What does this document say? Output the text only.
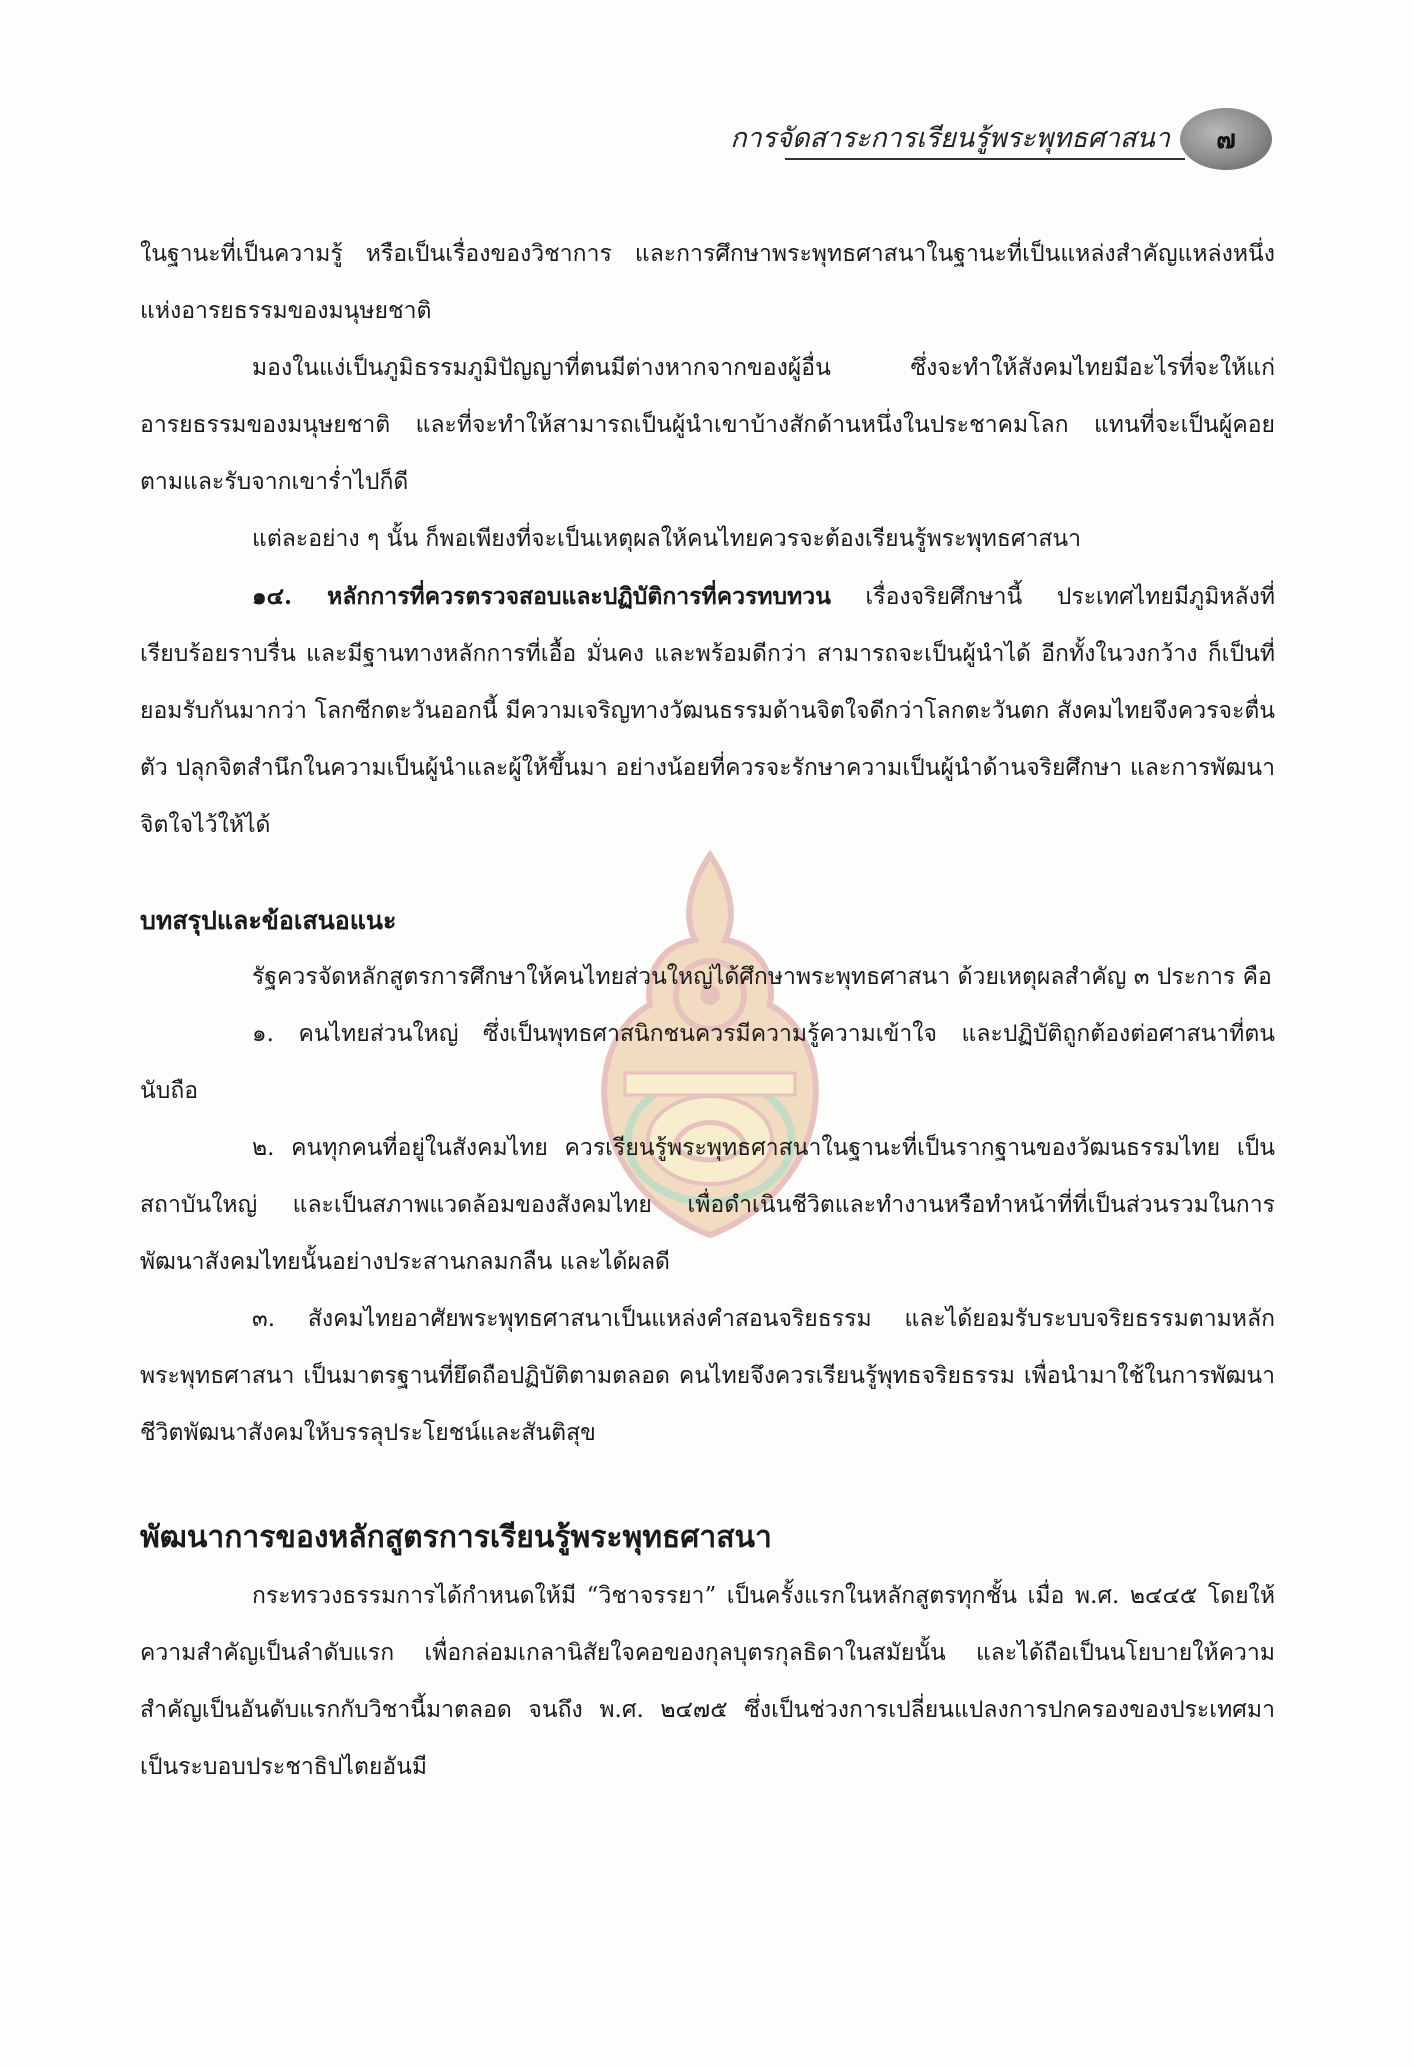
การจัดสาระการเรียนรู้พระพุทธศาสนา ๗

ในฐานะที่เป็นความรู้ หรือเป็นเรื่องของวิชาการ และการศึกษาพระพุทธศาสนาในฐานะที่เป็นแหล่งสำคัญแหล่งหนึ่งแห่งอารยธรรมของมนุษยชาติ

มองในแง่เป็นภูมิธรรมภูมิปัญญาที่ตนมีต่างหากจากของผู้อื่น ซึ่งจะทำให้สังคมไทยมีอะไรที่จะให้แก่อารยธรรมของมนุษยชาติ และที่จะทำให้สามารถเป็นผู้นำเขาบ้างสักด้านหนึ่งในประชาคมโลก แทนที่จะเป็นผู้คอยตามและรับจากเขาร่ำไปก็ดี

แต่ละอย่าง ๆ นั้น ก็พอเพียงที่จะเป็นเหตุผลให้คนไทยควรจะต้องเรียนรู้พระพุทธศาสนา

๑๔. หลักการที่ควรตรวจสอบและปฏิบัติการที่ควรทบทวน เรื่องจริยศึกษานี้ ประเทศไทยมีภูมิหลังที่เรียบร้อยราบรื่น และมีฐานทางหลักการที่เอื้อ มั่นคง และพร้อมดีกว่า สามารถจะเป็นผู้นำได้ อีกทั้งในวงกว้าง ก็เป็นที่ยอมรับกันมากว่า โลกซีกตะวันออกนี้ มีความเจริญทางวัฒนธรรมด้านจิตใจดีกว่าโลกตะวันตก สังคมไทยจึงควรจะตื่นตัว ปลุกจิตสำนึกในความเป็นผู้นำและผู้ให้ขึ้นมา อย่างน้อยที่ควรจะรักษาความเป็นผู้นำด้านจริยศึกษา และการพัฒนาจิตใจไว้ให้ได้

บทสรุปและข้อเสนอแนะ

รัฐควรจัดหลักสูตรการศึกษาให้คนไทยส่วนใหญ่ได้ศึกษาพระพุทธศาสนา ด้วยเหตุผลสำคัญ ๓ ประการ คือ

๑. คนไทยส่วนใหญ่ ซึ่งเป็นพุทธศาสนิกชนควรมีความรู้ความเข้าใจ และปฏิบัติถูกต้องต่อศาสนาที่ตนนับถือ

๒. คนทุกคนที่อยู่ในสังคมไทย ควรเรียนรู้พระพุทธศาสนาในฐานะที่เป็นรากฐานของวัฒนธรรมไทย เป็นสถาบันใหญ่ และเป็นสภาพแวดล้อมของสังคมไทย เพื่อดำเนินชีวิตและทำงานหรือทำหน้าที่ที่เป็นส่วนรวมในการพัฒนาสังคมไทยนั้นอย่างประสานกลมกลืน และได้ผลดี

๓. สังคมไทยอาศัยพระพุทธศาสนาเป็นแหล่งคำสอนจริยธรรม และได้ยอมรับระบบจริยธรรมตามหลักพระพุทธศาสนา เป็นมาตรฐานที่ยึดถือปฏิบัติตามตลอด คนไทยจึงควรเรียนรู้พุทธจริยธรรม เพื่อนำมาใช้ในการพัฒนาชีวิตพัฒนาสังคมให้บรรลุประโยชน์และสันติสุข

พัฒนาการของหลักสูตรการเรียนรู้พระพุทธศาสนา

กระทรวงธรรมการได้กำหนดให้มี “วิชาจรรยา” เป็นครั้งแรกในหลักสูตรทุกชั้น เมื่อ พ.ศ. ๒๔๔๕ โดยให้ความสำคัญเป็นลำดับแรก เพื่อกล่อมเกลานิสัยใจคอของกุลบุตรกุลธิดาในสมัยนั้น และได้ถือเป็นนโยบายให้ความสำคัญเป็นอันดับแรกกับวิชานี้มาตลอด จนถึง พ.ศ. ๒๔๗๕ ซึ่งเป็นช่วงการเปลี่ยนแปลงการปกครองของประเทศมาเป็นระบอบประชาธิปไตยอันมี
